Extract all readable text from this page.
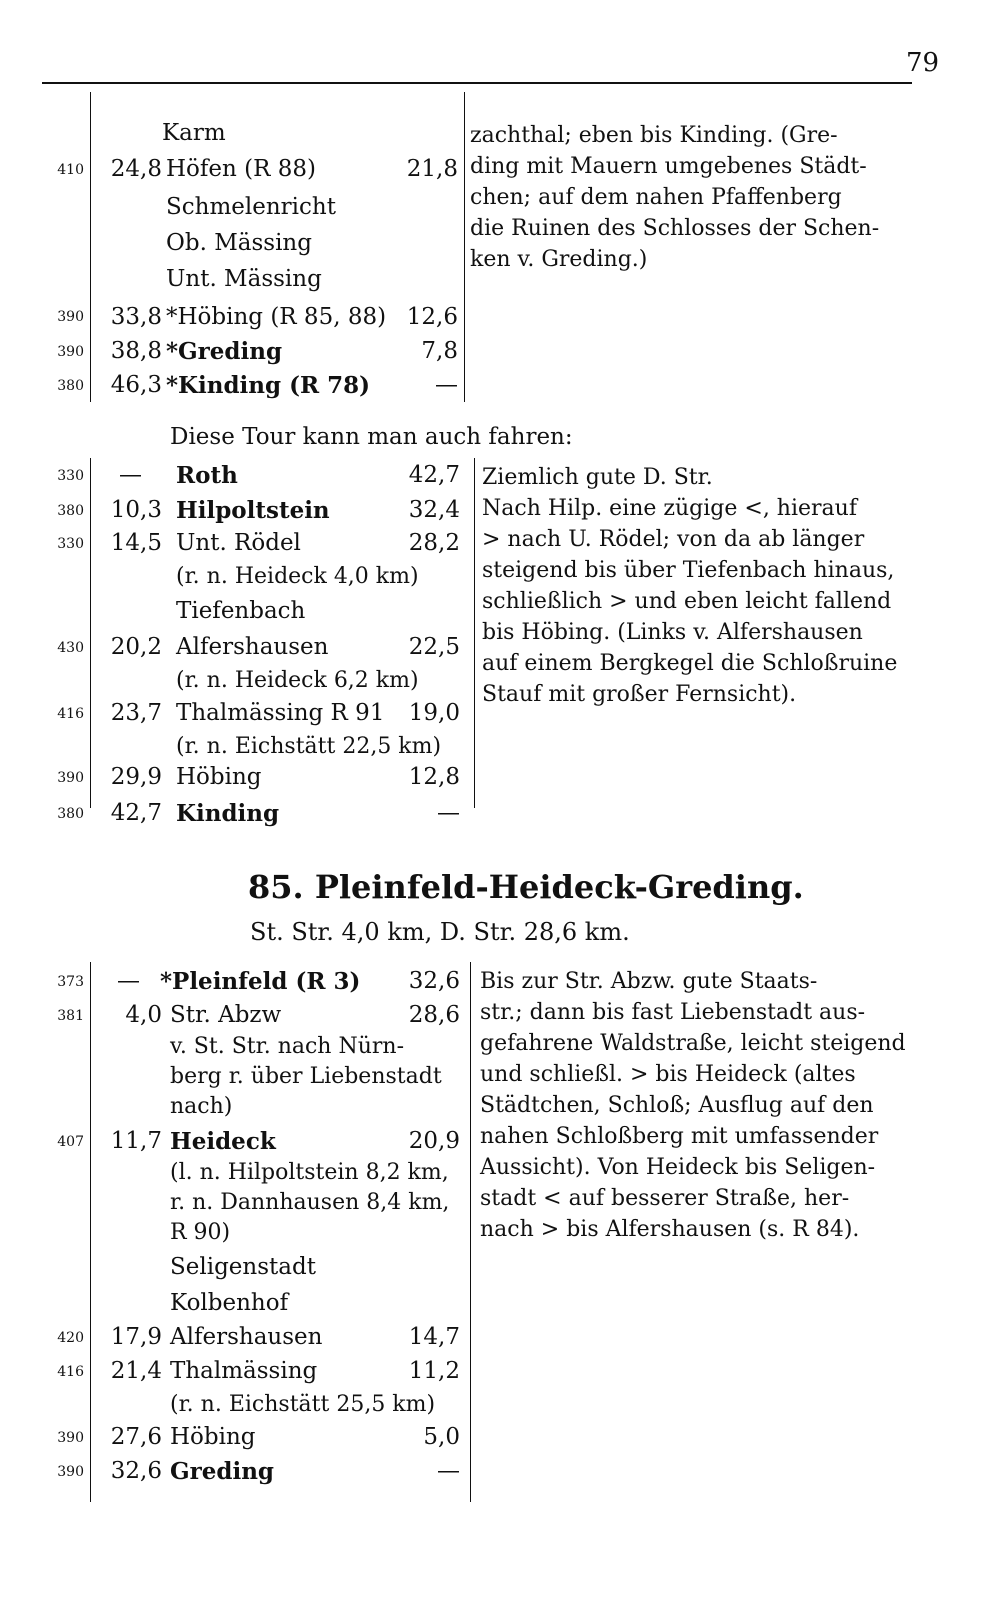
79
Karm
410	24,8 Höfen (R 88)	21,8
Schmelenricht
Ob. Mässing
Unt. Mässing
390	33,8 *Höbing (R 85, 88) 12,6
390	38,8 *Greding	7,8
380	46,3 *Kinding (R 78)	—
zachthal; eben bis Kinding. (Gre-
ding mit Mauern umgebenes Städt-
chen; auf dem nahen Pfaffenberg
die Ruinen des Schlosses der Schen-
ken v. Greding.)
Diese Tour kann man auch fahren:
330	— Roth	42,7
380	10,3 Hilpoltstein	32,4
330	14,5 Unt. Rödel	28,2
(r. n. Heideck 4,0 km)
Tiefenbach
430	20,2 Alfershausen	22,5
(r. n. Heideck 6,2 km)
416	23,7 Thalmässing R 91	19,0
(r. n. Eichstätt 22,5 km)
390	29,9 Höbing	12,8
380	42,7 Kinding	—
Ziemlich gute D. Str.
Nach Hilp. eine zügige <, hierauf
> nach U. Rödel; von da ab länger
steigend bis über Tiefenbach hinaus,
schließlich > und eben leicht fallend
bis Höbing. (Links v. Alfershausen
auf einem Bergkegel die Schloßruine
Stauf mit großer Fernsicht).
85. Pleinfeld-Heideck-Greding.
St. Str. 4,0 km, D. Str. 28,6 km.
373	— *Pleinfeld (R 3)	32,6
381	4,0 Str. Abzw	28,6
v. St. Str. nach Nürn-
berg r. über Liebenstadt
nach)
407	11,7 Heideck	20,9
(l. n. Hilpoltstein 8,2 km,
r. n. Dannhausen 8,4 km,
R 90)
Seligenstadt
Kolbenhof
420	17,9 Alfershausen	14,7
416	21,4 Thalmässing	11,2
(r. n. Eichstätt 25,5 km)
390	27,6 Höbing	5,0
390	32,6 Greding	—
Bis zur Str. Abzw. gute Staats-
str.; dann bis fast Liebenstadt aus-
gefahrene Waldstraße, leicht steigend
und schließl. > bis Heideck (altes
Städtchen, Schloß; Ausflug auf den
nahen Schloßberg mit umfassender
Aussicht). Von Heideck bis Seligen-
stadt < auf besserer Straße, her-
nach > bis Alfershausen (s. R 84).
